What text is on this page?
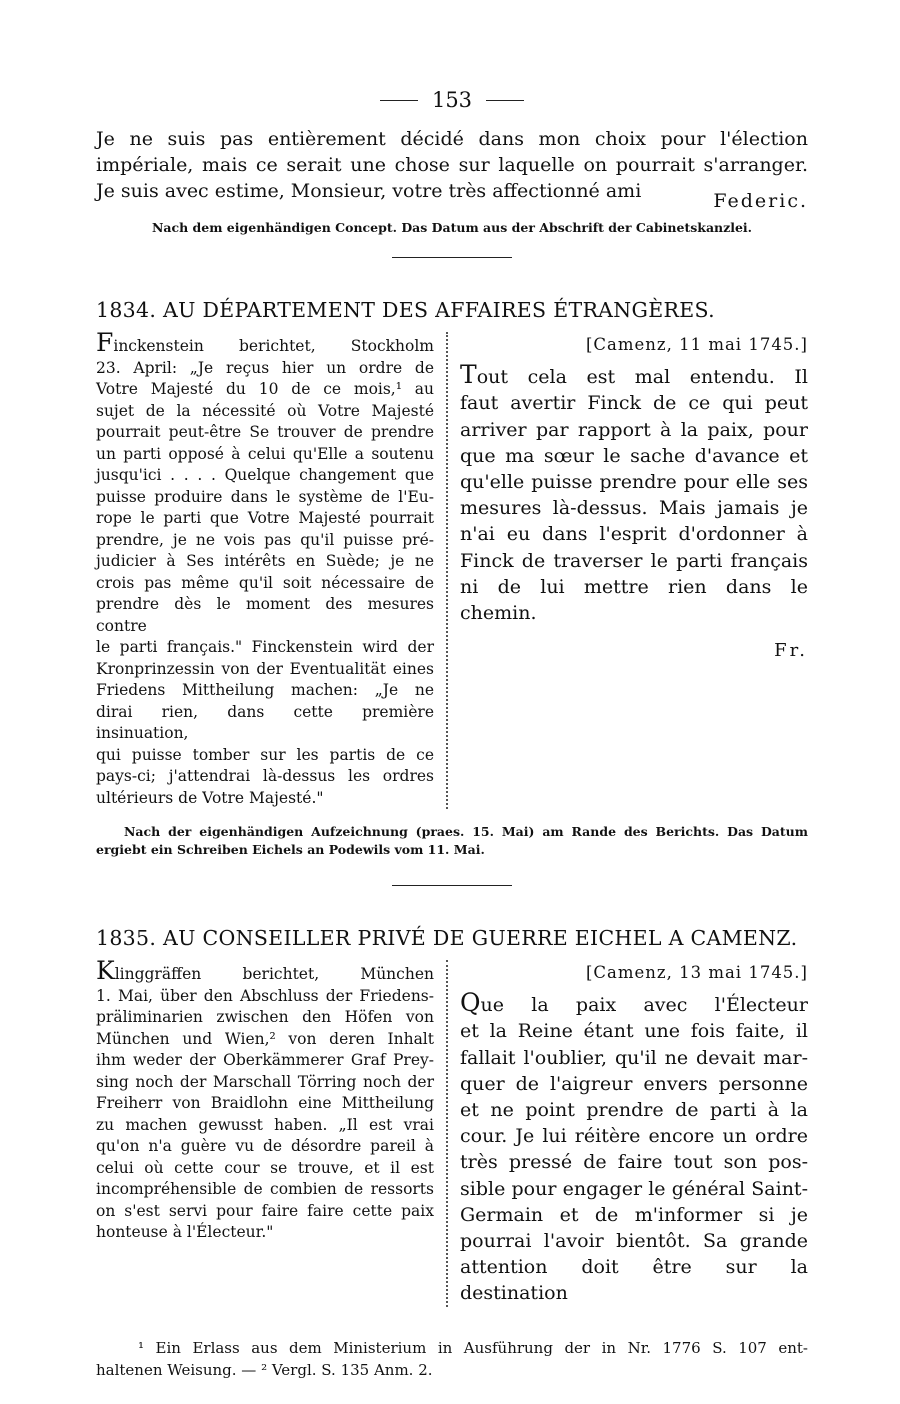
153
Je ne suis pas entièrement décidé dans mon choix pour l'élection
impériale, mais ce serait une chose sur laquelle on pourrait s'arranger.
Je suis avec estime, Monsieur, votre très affectionné ami	Federic.
Nach dem eigenhändigen Concept. Das Datum aus der Abschrift der Cabinetskanzlei.
1834. AU DÉPARTEMENT DES AFFAIRES ÉTRANGÈRES.
Finckenstein berichtet, Stockholm
23. April: „Je reçus hier un ordre de
Votre Majesté du 10 de ce mois,¹ au
sujet de la nécessité où Votre Majesté
pourrait peut-être Se trouver de prendre
un parti opposé à celui qu'Elle a soutenu
jusqu'ici . . . . Quelque changement que
puisse produire dans le système de l'Eu-
rope le parti que Votre Majesté pourrait
prendre, je ne vois pas qu'il puisse pré-
judicier à Ses intérêts en Suède; je ne
crois pas même qu'il soit nécessaire de
prendre dès le moment des mesures contre
le parti français." Finckenstein wird der
Kronprinzessin von der Eventualität eines
Friedens Mittheilung machen: „Je ne
dirai rien, dans cette première insinuation,
qui puisse tomber sur les partis de ce
pays-ci; j'attendrai là-dessus les ordres
ultérieurs de Votre Majesté."
[Camenz, 11 mai 1745.]
Tout cela est mal entendu. Il
faut avertir Finck de ce qui peut
arriver par rapport à la paix, pour
que ma sœur le sache d'avance et
qu'elle puisse prendre pour elle ses
mesures là-dessus. Mais jamais je
n'ai eu dans l'esprit d'ordonner à
Finck de traverser le parti français
ni de lui mettre rien dans le chemin.
Fr.
Nach der eigenhändigen Aufzeichnung (praes. 15. Mai) am Rande des Berichts. Das Datum
ergiebt ein Schreiben Eichels an Podewils vom 11. Mai.
1835. AU CONSEILLER PRIVÉ DE GUERRE EICHEL A CAMENZ.
Klinggräffen berichtet, München
1. Mai, über den Abschluss der Friedens-
präliminarien zwischen den Höfen von
München und Wien,² von deren Inhalt
ihm weder der Oberkämmerer Graf Prey-
sing noch der Marschall Törring noch der
Freiherr von Braidlohn eine Mittheilung
zu machen gewusst haben. „Il est vrai
qu'on n'a guère vu de désordre pareil à
celui où cette cour se trouve, et il est
incompréhensible de combien de ressorts
on s'est servi pour faire faire cette paix
honteuse à l'Électeur."
[Camenz, 13 mai 1745.]
Que la paix avec l'Électeur
et la Reine étant une fois faite, il
fallait l'oublier, qu'il ne devait mar-
quer de l'aigreur envers personne
et ne point prendre de parti à la
cour. Je lui réitère encore un ordre
très pressé de faire tout son pos-
sible pour engager le général Saint-
Germain et de m'informer si je
pourrai l'avoir bientôt. Sa grande
attention doit être sur la destination
¹ Ein Erlass aus dem Ministerium in Ausführung der in Nr. 1776 S. 107 ent-
haltenen Weisung. — ² Vergl. S. 135 Anm. 2.
